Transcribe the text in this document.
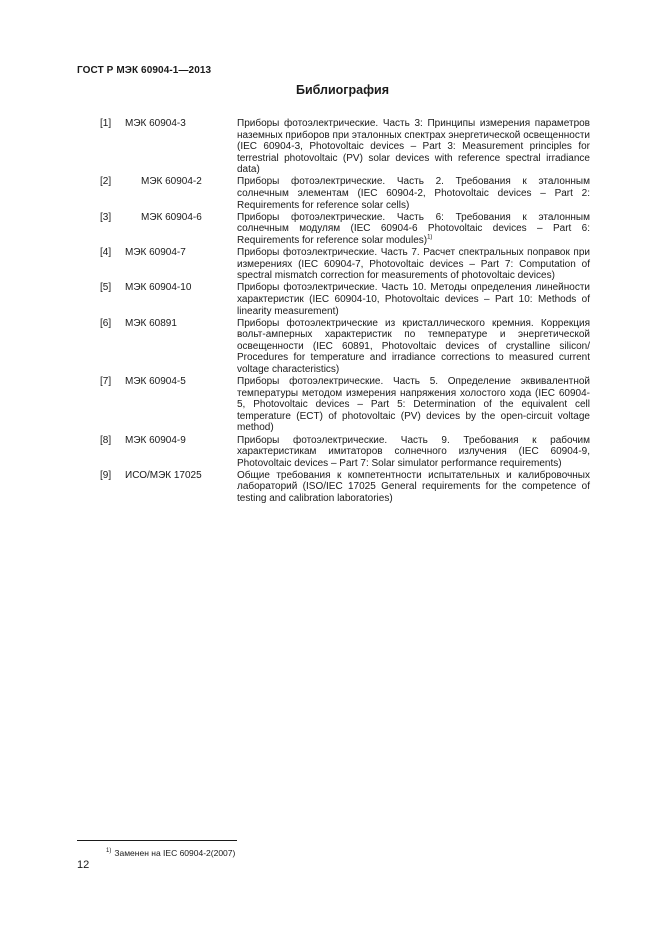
ГОСТ Р МЭК 60904-1—2013
Библиография
[1]	МЭК 60904-3	Приборы фотоэлектрические. Часть 3: Принципы измерения параметров наземных приборов при эталонных спектрах энергетической освещенности (IEC 60904-3, Photovoltaic devices – Part 3: Measurement principles for terrestrial photovoltaic (PV) solar devices with reference spectral irradiance data)
[2]	МЭК 60904-2	Приборы фотоэлектрические. Часть 2. Требования к эталонным солнечным элементам (IEC 60904-2, Photovoltaic devices – Part 2: Requirements for reference solar cells)
[3]	МЭК 60904-6	Приборы фотоэлектрические. Часть 6: Требования к эталонным солнечным модулям (IEC 60904-6 Photovoltaic devices – Part 6: Requirements for reference solar modules)$^{1)}$
[4]	МЭК 60904-7	Приборы фотоэлектрические. Часть 7. Расчет спектральных поправок при измерениях (IEC 60904-7, Photovoltaic devices – Part 7: Computation of spectral mismatch correction for measurements of photovoltaic devices)
[5]	МЭК 60904-10	Приборы фотоэлектрические. Часть 10. Методы определения линейности характеристик (IEC 60904-10, Photovoltaic devices – Part 10: Methods of linearity measurement)
[6]	МЭК 60891	Приборы фотоэлектрические из кристаллического кремния. Коррекция вольт-амперных характеристик по температуре и энергетической освещенности (IEC 60891, Photovoltaic devices of crystalline silicon/ Procedures for temperature and irradiance corrections to measured current voltage characteristics)
[7]	МЭК 60904-5	Приборы фотоэлектрические. Часть 5. Определение эквивалентной температуры методом измерения напряжения холостого хода (IEC 60904-5, Photovoltaic devices – Part 5: Determination of the equivalent cell temperature (ECT) of photovoltaic (PV) devices by the open-circuit voltage method)
[8]	МЭК 60904-9	Приборы фотоэлектрические. Часть 9. Требования к рабочим характеристикам имитаторов солнечного излучения (IEC 60904-9, Photovoltaic devices – Part 7: Solar simulator performance requirements)
[9]	ИСО/МЭК 17025	Общие требования к компетентности испытательных и калибровочных лабораторий (ISO/IEC 17025 General requirements for the competence of testing and calibration laboratories)
$^{1)}$ Заменен на IEC 60904-2(2007)
12
